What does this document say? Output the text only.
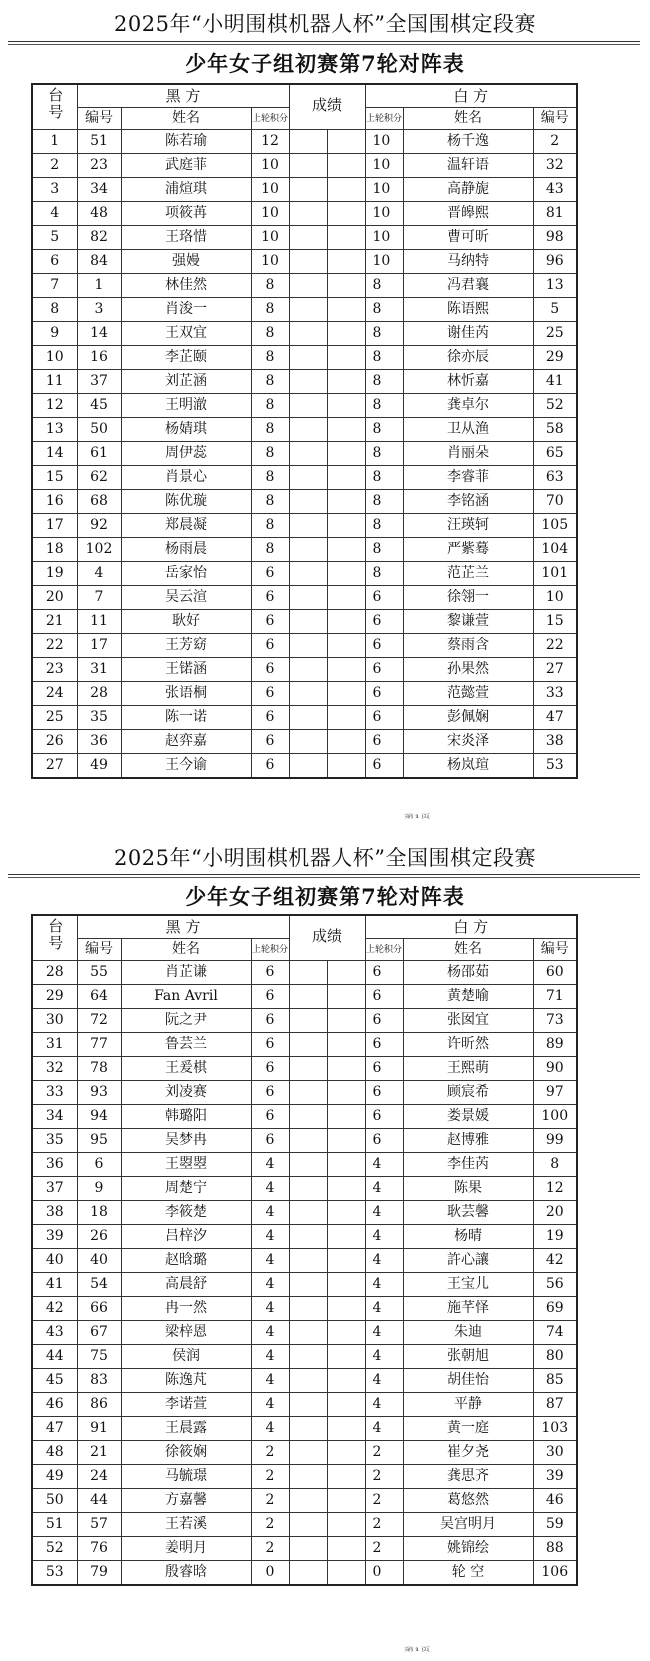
2025年“小明围棋机器人杯”全国围棋定段赛
少年女子组初赛第7轮对阵表
台号	黑 方			成绩		白 方		
	编号	姓名	上轮积分			上轮积分	姓名	编号
1	51	陈若瑜	12			10	杨千逸	2
2	23	武庭菲	10			10	温轩语	32
3	34	浦煊琪	10			10	高静旎	43
4	48	项筱苒	10			10	晋皞熙	81
5	82	王珞惜	10			10	曹可昕	98
6	84	强嫚	10			10	马纳特	96
7	1	林佳然	8			8	冯君襄	13
8	3	肖浚一	8			8	陈语熙	5
9	14	王双宜	8			8	谢佳芮	25
10	16	李芷颐	8			8	徐亦辰	29
11	37	刘芷涵	8			8	林忻嘉	41
12	45	王明澈	8			8	龚卓尔	52
13	50	杨婧琪	8			8	卫从渔	58
14	61	周伊蕊	8			8	肖丽朵	65
15	62	肖景心	8			8	李睿菲	63
16	68	陈优璇	8			8	李铭涵	70
17	92	郑晨凝	8			8	汪瑛轲	105
18	102	杨雨晨	8			8	严紫蓦	104
19	4	岳家怡	6			8	范芷兰	101
20	7	吴云渲	6			6	徐翎一	10
21	11	耿好	6			6	黎谦萱	15
22	17	王芳窈	6			6	蔡雨含	22
23	31	王锘涵	6			6	孙果然	27
24	28	张语桐	6			6	范懿萱	33
25	35	陈一诺	6			6	彭佩娴	47
26	36	赵弈嘉	6			6	宋炎泽	38
27	49	王今谕	6			6	杨岚瑄	53
第1页
2025年“小明围棋机器人杯”全国围棋定段赛
少年女子组初赛第7轮对阵表
台号	黑 方			成绩		白 方		
	编号	姓名	上轮积分			上轮积分	姓名	编号
28	55	肖芷谦	6			6	杨邵茹	60
29	64	Fan Avril	6			6	黄楚喻	71
30	72	阮之尹	6			6	张囡宜	73
31	77	鲁芸兰	6			6	许昕然	89
32	78	王爰棋	6			6	王熙萌	90
33	93	刘凌赛	6			6	顾宸希	97
34	94	韩璐阳	6			6	娄景媛	100
35	95	吴梦冉	6			6	赵博雅	99
36	6	王曌曌	4			4	李佳芮	8
37	9	周楚宁	4			4	陈果	12
38	18	李筱楚	4			4	耿芸馨	20
39	26	吕梓汐	4			4	杨晴	19
40	40	赵晗璐	4			4	許心讓	42
41	54	高晨舒	4			4	王宝儿	56
42	66	冉一然	4			4	施芊怿	69
43	67	梁梓恩	4			4	朱迪	74
44	75	侯润	4			4	张朝旭	80
45	83	陈逸芃	4			4	胡佳怡	85
46	86	李诺萱	4			4	平静	87
47	91	王晨露	4			4	黄一庭	103
48	21	徐筱娴	2			2	崔夕尧	30
49	24	马毓璟	2			2	龚思齐	39
50	44	方嘉馨	2			2	葛悠然	46
51	57	王若溪	2			2	吴宫明月	59
52	76	姜明月	2			2	姚锦绘	88
53	79	殷睿晗	0			0	轮 空	106
第1页
